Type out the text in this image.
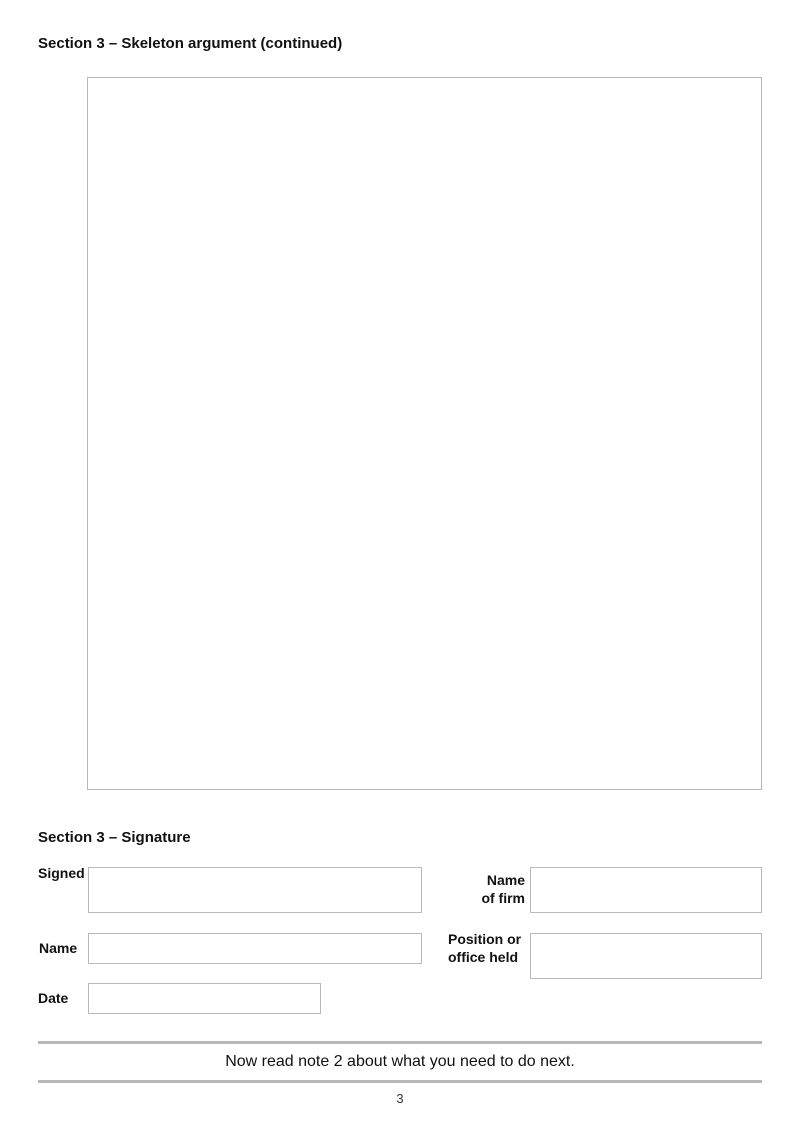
Section 3 – Skeleton argument (continued)
Section 3 – Signature
Signed
Name
Date
Name
of firm
Position or
office held
Now read note 2 about what you need to do next.
3
